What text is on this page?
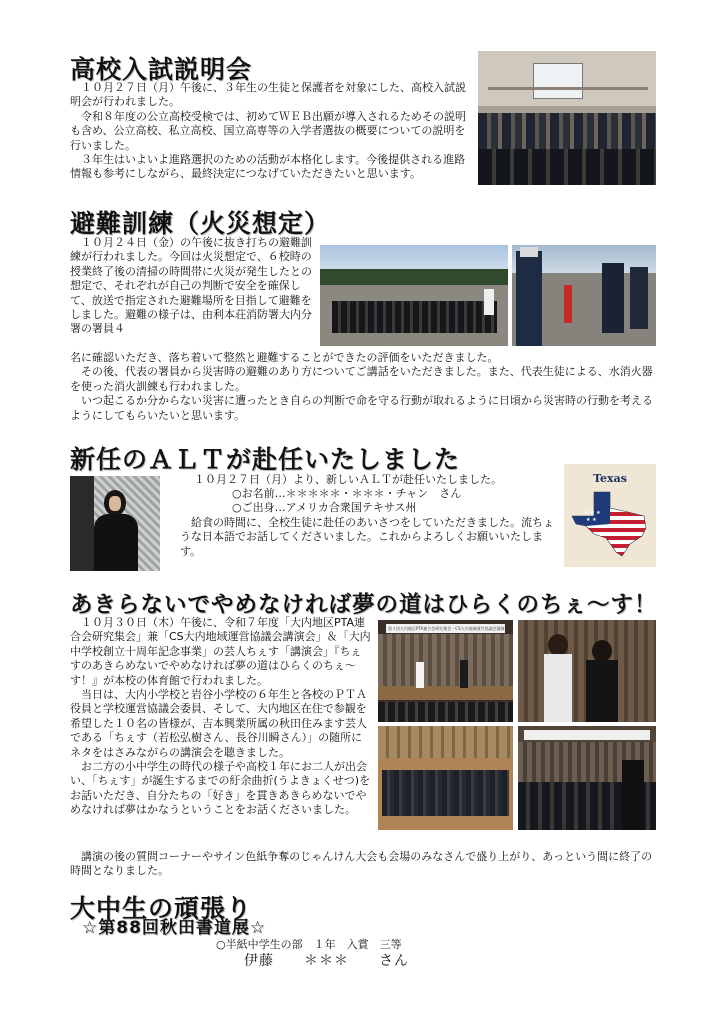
高校入試説明会

１０月２７日（月）午後に、３年生の生徒と保護者を対象にした、高校入試説明会が行われました。

令和８年度の公立高校受検では、初めてＷＥＢ出願が導入されるためその説明も含め、公立高校、私立高校、国立高専等の入学者選抜の概要についての説明を行いました。

３年生はいよいよ進路選択のための活動が本格化します。今後提供される進路情報も参考にしながら、最終決定につなげていただきたいと思います。

避難訓練（火災想定）

１０月２４日（金）の午後に抜き打ちの避難訓練が行われました。今回は火災想定で、６校時の授業終了後の清掃の時間帯に火災が発生したとの想定で、それぞれが自己の判断で安全を確保して、放送で指定された避難場所を目指して避難をしました。避難の様子は、由利本荘消防署大内分署の署員４

名に確認いただき、落ち着いて整然と避難することができたの評価をいただきました。

その後、代表の署員から災害時の避難のあり方についてご講話をいただきました。また、代表生徒による、水消火器を使った消火訓練も行われました。

いつ起こるか分からない災害に遭ったとき自らの判断で命を守る行動が取れるように日頃から災害時の行動を考えるようにしてもらいたいと思います。

新任のＡＬＴが赴任いたしました

１０月２７日（月）より、新しいＡＬＴが赴任いたしました。

○お名前…＊＊＊＊＊・＊＊＊・チャン　さん

○ご出身…アメリカ合衆国テキサス州

給食の時間に、全校生徒に赴任のあいさつをしていただきました。流ちょうな日本語でお話してくださいました。これからよろしくお願いいたします。

Texas
★ ★ ★
★ ★
あきらないでやめなければ夢の道はひらくのちぇ～す！

１０月３０日（木）午後に、令和７年度「大内地区PTA連合会研究集会」兼「CS大内地域運営協議会講演会」＆「大内中学校創立十周年記念事業」の芸人ちぇす「講演会」『ちぇすのあきらめないでやめなければ夢の道はひらくのちぇ～す！』が本校の体育館で行われました。

当日は、大内小学校と岩谷小学校の６年生と各校のＰＴＡ役員と学校運営協議会委員、そして、大内地区在住で参観を希望した１０名の皆様が、吉本興業所属の秋田住みます芸人である「ちぇす（若松弘樹さん、長谷川瞬さん）」の随所にネタをはさみながらの講演会を聴きました。

お二方の小中学生の時代の様子や高校１年にお二人が出会い、「ちぇす」が誕生するまでの紆余曲折(うよきょくせつ)をお話いただき、自分たちの「好き」を貫きあきらめないでやめなければ夢はかなうということをお話くださいました。

講演の後の質問コーナーやサイン色紙争奪のじゃんけん大会も会場のみなさんで盛り上がり、あっという間に終了の時間となりました。

第３回大内地区PTA連合会研究集会・CS大内地域運営協議会講演会
大中生の頑張り
☆第88回秋田書道展☆

○半紙中学生の部　１年　入賞　三等

伊藤　　＊＊＊　　さん
